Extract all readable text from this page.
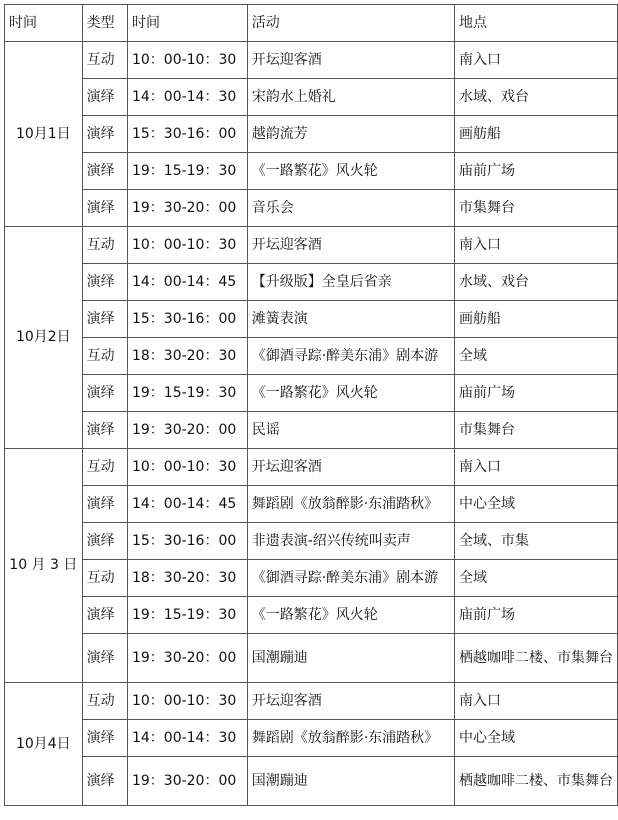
时间	类型	时间	活动	地点
10月1日	互动	10：00-10：30	开坛迎客酒	南入口
	演绎	14：00-14：30	宋韵水上婚礼	水域、戏台
	演绎	15：30-16：00	越韵流芳	画舫船
	演绎	19：15-19：30	《一路繁花》风火轮	庙前广场
	演绎	19：30-20：00	音乐会	市集舞台
10月2日	互动	10：00-10：30	开坛迎客酒	南入口
	演绎	14：00-14：45	【升级版】全皇后省亲	水域、戏台
	演绎	15：30-16：00	滩簧表演	画舫船
	互动	18：30-20：30	《御酒寻踪·醉美东浦》剧本游	全域
	演绎	19：15-19：30	《一路繁花》风火轮	庙前广场
	演绎	19：30-20：00	民谣	市集舞台
10 月 3 日	互动	10：00-10：30	开坛迎客酒	南入口
	演绎	14：00-14：45	舞蹈剧《放翁醉影·东浦踏秋》	中心全域
	演绎	15：30-16：00	非遗表演-绍兴传统叫卖声	全域、市集
	互动	18：30-20：30	《御酒寻踪·醉美东浦》剧本游	全域
	演绎	19：15-19：30	《一路繁花》风火轮	庙前广场
	演绎	19：30-20：00	国潮蹦迪	栖越咖啡二楼、市集舞台
10月4日	互动	10：00-10：30	开坛迎客酒	南入口
	演绎	14：00-14：30	舞蹈剧《放翁醉影·东浦踏秋》	中心全域
	演绎	19：30-20：00	国潮蹦迪	栖越咖啡二楼、市集舞台
